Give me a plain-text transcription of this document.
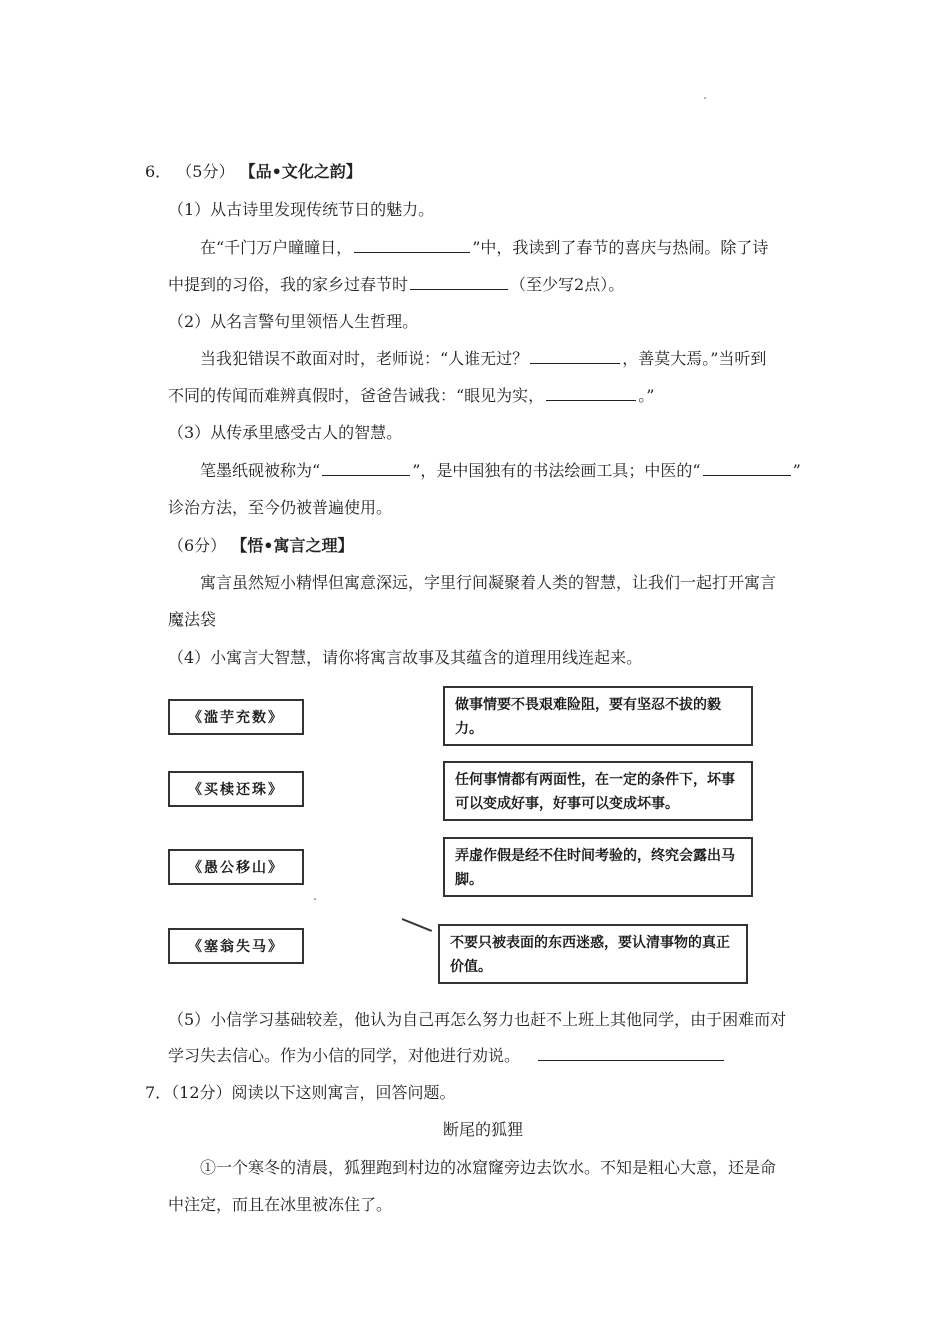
6． （5分） 【品•文化之韵】
（1）从古诗里发现传统节日的魅力。
在“千门万户曈曈日，	”中，我读到了春节的喜庆与热闹。除了诗
中提到的习俗，我的家乡过春节时	（至少写2点）。
（2）从名言警句里领悟人生哲理。
当我犯错误不敢面对时，老师说：“人谁无过？	，善莫大焉。”当听到
不同的传闻而难辨真假时，爸爸告诫我：“眼见为实，	。”
（3）从传承里感受古人的智慧。
笔墨纸砚被称为“	”，是中国独有的书法绘画工具；中医的“	”
诊治方法，至今仍被普遍使用。
（6分） 【悟•寓言之理】
寓言虽然短小精悍但寓意深远，字里行间凝聚着人类的智慧，让我们一起打开寓言
魔法袋
（4）小寓言大智慧，请你将寓言故事及其蕴含的道理用线连起来。
《滥芋充数》
《买椟还珠》
《愚公移山》
《塞翁失马》
做事情要不畏艰难险阻，要有坚忍不拔的毅力。
任何事情都有两面性，在一定的条件下，坏事可以变成好事，好事可以变成坏事。
弄虚作假是经不住时间考验的，终究会露出马脚。
不要只被表面的东西迷惑，要认清事物的真正价值。
（5）小信学习基础较差，他认为自己再怎么努力也赶不上班上其他同学，由于困难而对
学习失去信心。作为小信的同学，对他进行劝说。
7．（12分）阅读以下这则寓言，回答问题。
断尾的狐狸
①一个寒冬的清晨，狐狸跑到村边的冰窟窿旁边去饮水。不知是粗心大意，还是命
中注定，而且在冰里被冻住了。
